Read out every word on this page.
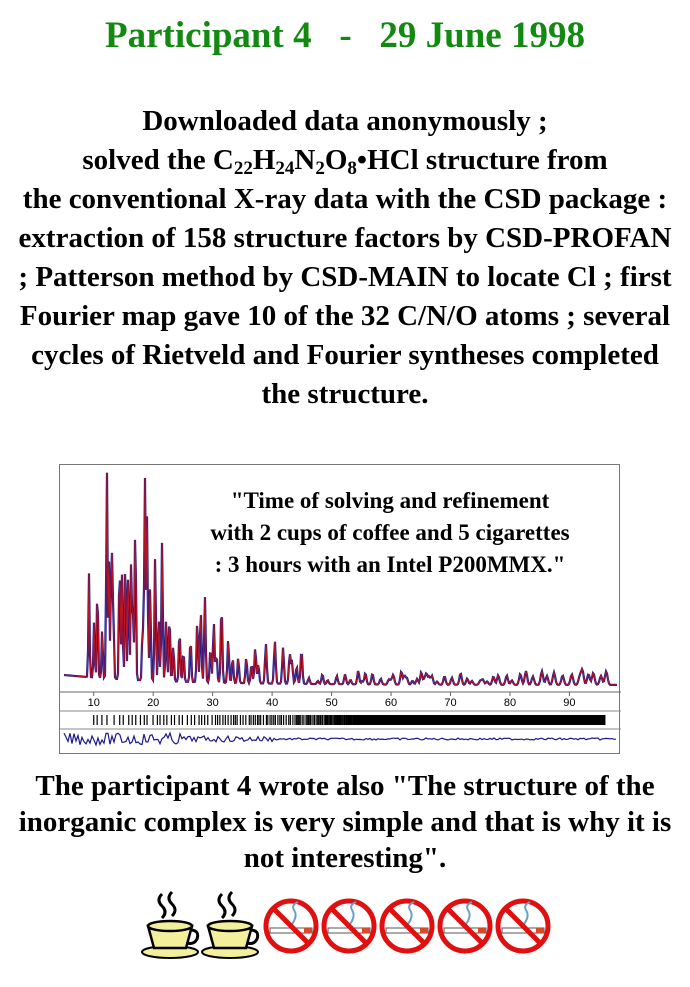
Participant 4   -   29 June 1998
Downloaded data anonymously ;
solved the $C_{22}H_{24}N_2O_8•HCl$ structure from
the conventional X-ray data with the CSD package : extraction of 158 structure factors by CSD-PROFAN ; Patterson method by CSD-MAIN to locate Cl ; first Fourier map gave 10 of the 32 C/N/O atoms ; several cycles of Rietveld and Fourier syntheses completed the structure.
10	20	30	40	50	60	70	80	90
"Time of solving and refinement with 2 cups of coffee and 5 cigarettes : 3 hours with an Intel P200MMX."
The participant 4 wrote also "The structure of the inorganic complex is very simple and that is why it is not interesting".
